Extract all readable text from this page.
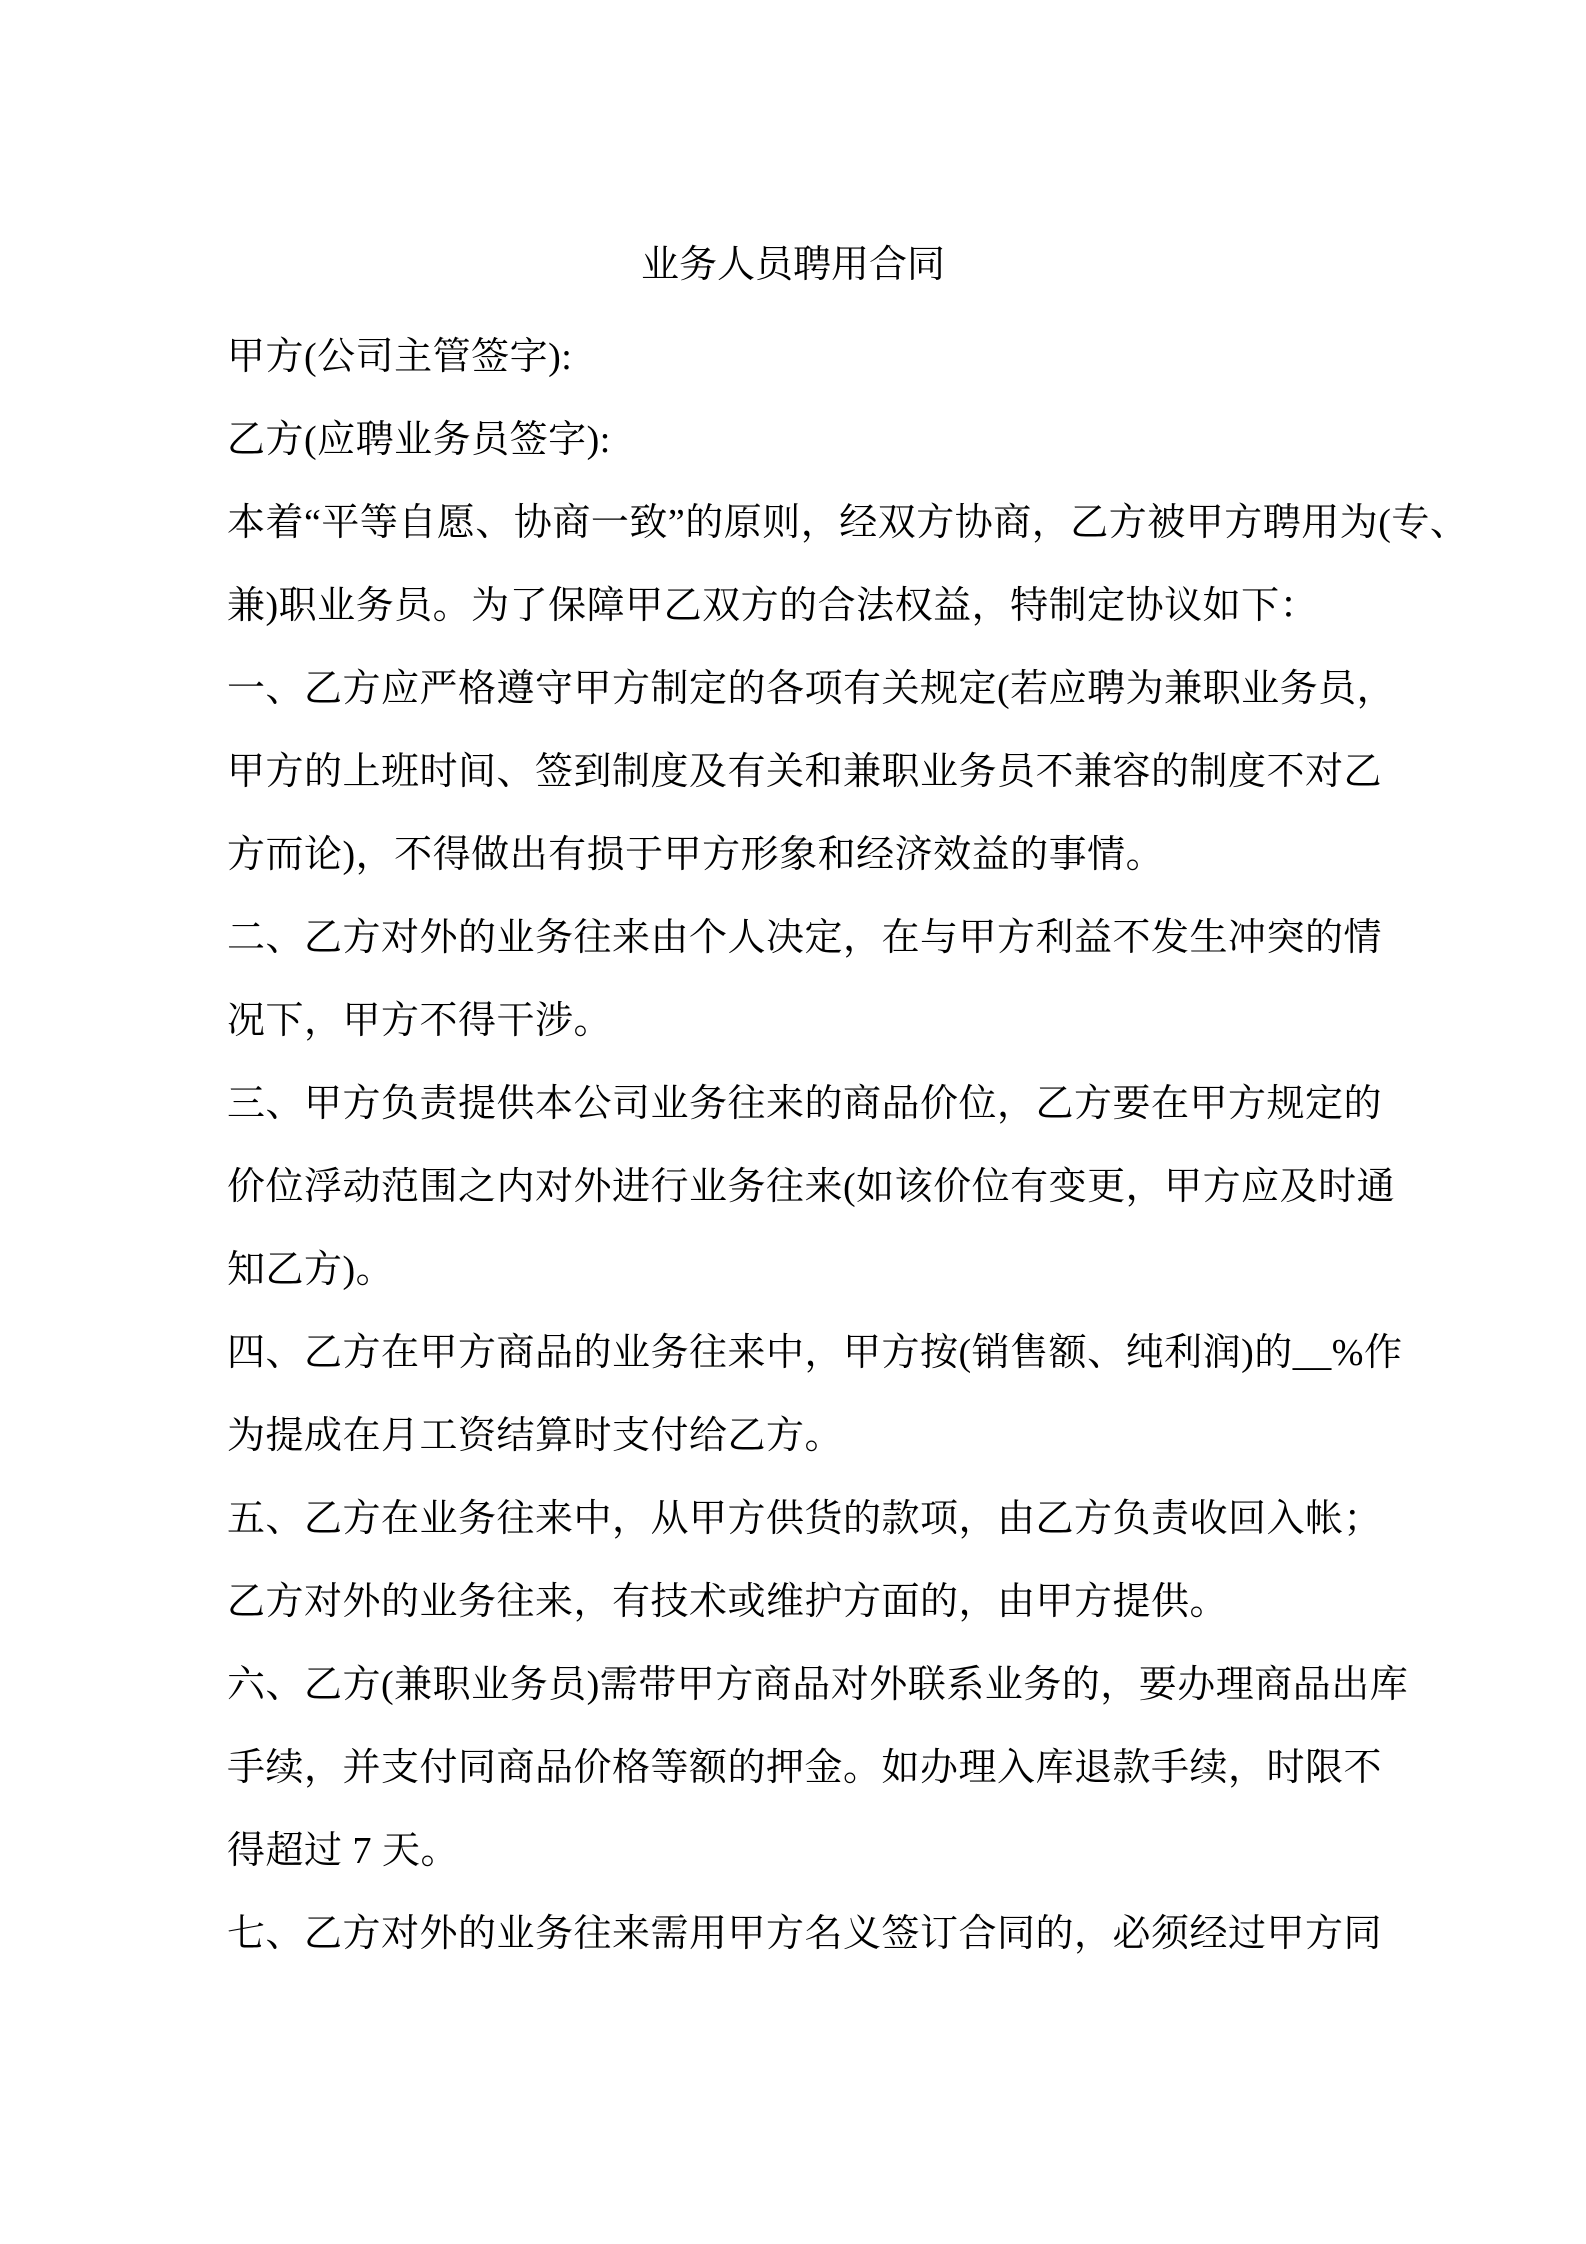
业务人员聘用合同
甲方(公司主管签字):
乙方(应聘业务员签字):
本着“平等自愿、协商一致”的原则，经双方协商，乙方被甲方聘用为(专、
兼)职业务员。为了保障甲乙双方的合法权益，特制定协议如下：
一、乙方应严格遵守甲方制定的各项有关规定(若应聘为兼职业务员，
甲方的上班时间、签到制度及有关和兼职业务员不兼容的制度不对乙
方而论)，不得做出有损于甲方形象和经济效益的事情。
二、乙方对外的业务往来由个人决定，在与甲方利益不发生冲突的情
况下，甲方不得干涉。
三、甲方负责提供本公司业务往来的商品价位，乙方要在甲方规定的
价位浮动范围之内对外进行业务往来(如该价位有变更，甲方应及时通
知乙方)。
四、乙方在甲方商品的业务往来中，甲方按(销售额、纯利润)的__%作
为提成在月工资结算时支付给乙方。
五、乙方在业务往来中，从甲方供货的款项，由乙方负责收回入帐；
乙方对外的业务往来，有技术或维护方面的，由甲方提供。
六、乙方(兼职业务员)需带甲方商品对外联系业务的，要办理商品出库
手续，并支付同商品价格等额的押金。如办理入库退款手续，时限不
得超过 7 天。
七、乙方对外的业务往来需用甲方名义签订合同的，必须经过甲方同
